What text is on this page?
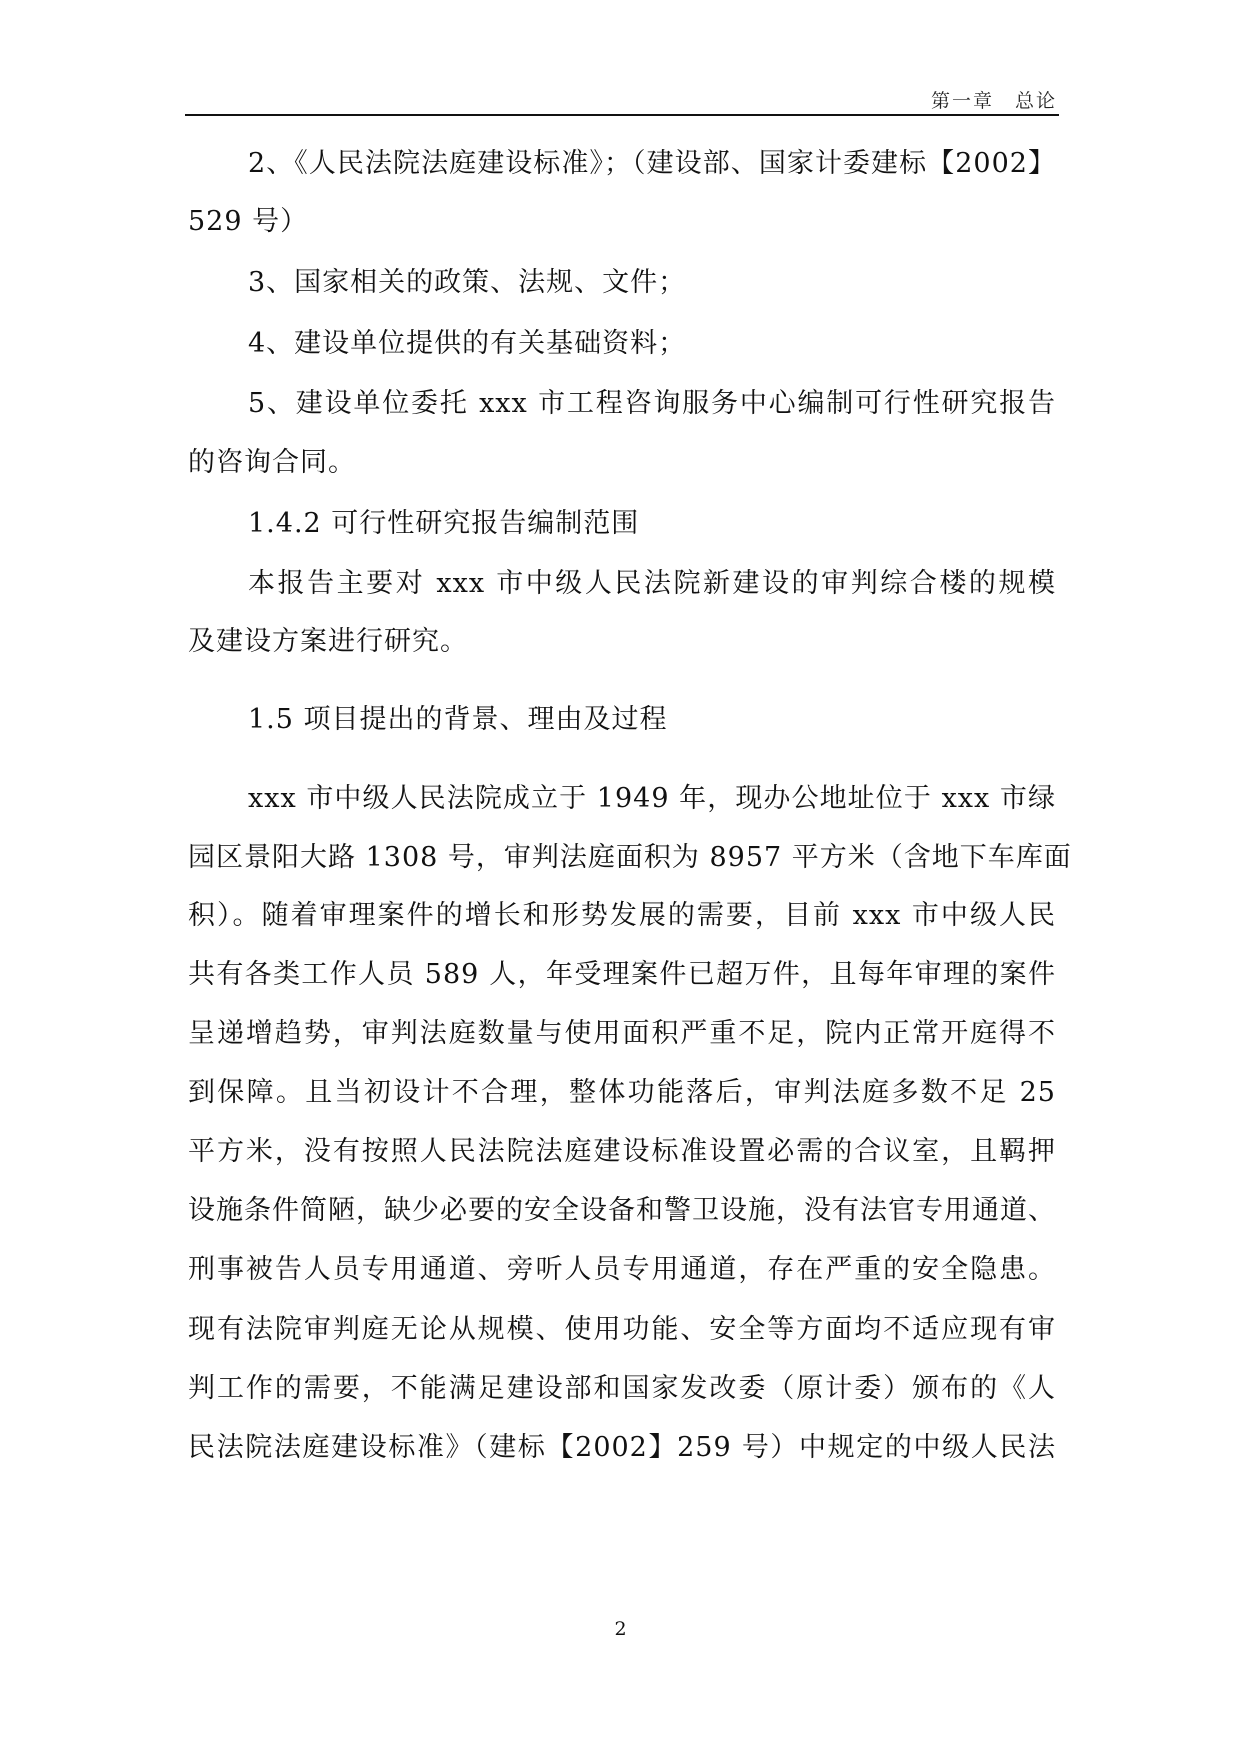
第一章　总论
2、《人民法院法庭建设标准》；（建设部、国家计委建标【2002】
529 号）
3、国家相关的政策、法规、文件；
4、建设单位提供的有关基础资料；
5、建设单位委托 xxx 市工程咨询服务中心编制可行性研究报告
的咨询合同。
1.4.2 可行性研究报告编制范围
本报告主要对 xxx 市中级人民法院新建设的审判综合楼的规模
及建设方案进行研究。
1.5 项目提出的背景、理由及过程
xxx 市中级人民法院成立于 1949 年，现办公地址位于 xxx 市绿
园区景阳大路 1308 号，审判法庭面积为 8957 平方米（含地下车库面
积）。随着审理案件的增长和形势发展的需要，目前 xxx 市中级人民
共有各类工作人员 589 人，年受理案件已超万件，且每年审理的案件
呈递增趋势，审判法庭数量与使用面积严重不足，院内正常开庭得不
到保障。且当初设计不合理，整体功能落后，审判法庭多数不足 25
平方米，没有按照人民法院法庭建设标准设置必需的合议室，且羁押
设施条件简陋，缺少必要的安全设备和警卫设施，没有法官专用通道、
刑事被告人员专用通道、旁听人员专用通道，存在严重的安全隐患。
现有法院审判庭无论从规模、使用功能、安全等方面均不适应现有审
判工作的需要，不能满足建设部和国家发改委（原计委）颁布的《人
民法院法庭建设标准》（建标【2002】259 号）中规定的中级人民法
2
